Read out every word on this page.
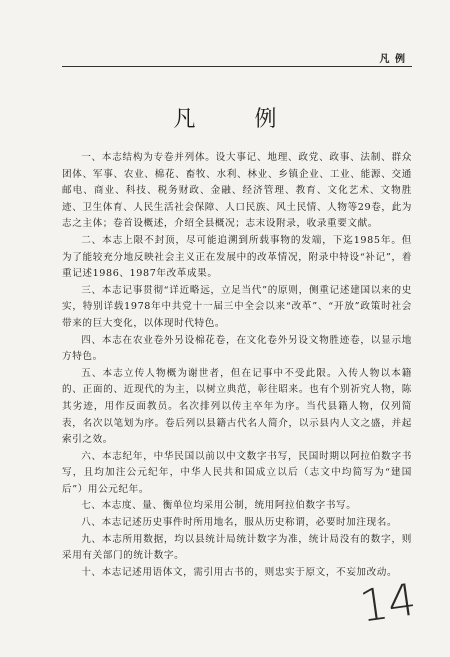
凡 例
凡 例

一、本志结构为专卷并列体。设大事记、地理、政党、政事、法制、群众团体、军事、农业、棉花、畜牧、水利、林业、乡镇企业、工业、能源、交通邮电、商业、科技、税务财政、金融、经济管理、教育、文化艺术、文物胜迹、卫生体育、人民生活社会保障、人口民族、风土民情、人物等29卷，此为志之主体；卷首设概述，介绍全县概况；志末设附录，收录重要文献。

二、本志上限不封顶，尽可能追溯到所载事物的发端，下迄1985年。但为了能较充分地反映社会主义正在发展中的改革情况，附录中特设“补记”，着重记述1986、1987年改革成果。

三、本志记事贯彻“详近略远，立足当代”的原则，侧重记述建国以来的史实，特别详载1978年中共党十一届三中全会以来“改革”、“开放”政策时社会带来的巨大变化，以体现时代特色。

四、本志在农业卷外另设棉花卷，在文化卷外另设文物胜迹卷，以显示地方特色。

五、本志立传人物概为谢世者，但在记事中不受此限。入传人物以本籍的、正面的、近现代的为主，以树立典范，彰往昭来。也有个别祈究人物，陈其劣迹，用作反面教员。名次排列以传主卒年为序。当代县籍人物，仅列简表，名次以笔划为序。卷后列以县籍古代名人简介，以示县内人文之盛，并起索引之效。

六、本志纪年，中华民国以前以中文数字书写，民国时期以阿拉伯数字书写，且均加注公元纪年，中华人民共和国成立以后（志文中均简写为“建国后”）用公元纪年。

七、本志度、量、衡单位均采用公制，统用阿拉伯数字书写。

八、本志记述历史事件时所用地名，服从历史称谓，必要时加注现名。

九、本志所用数据，均以县统计局统计数字为准，统计局没有的数字，则采用有关部门的统计数字。

十、本志记述用语体文，需引用古书的，则忠实于原文，不妄加改动。

14
